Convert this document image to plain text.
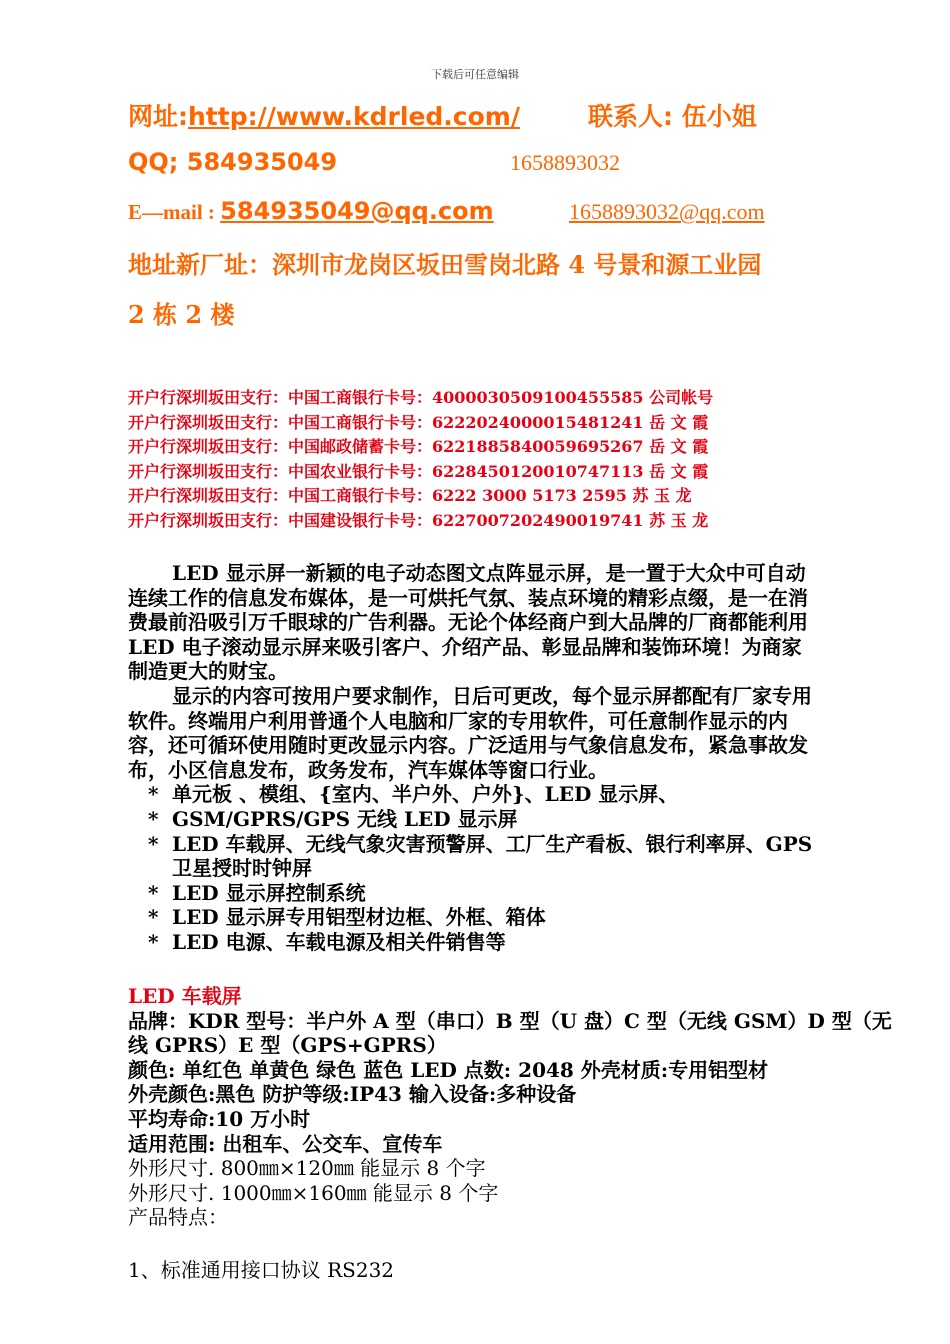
下载后可任意编辑
网址:http://www.kdrled.com/	联系人: 伍小姐
QQ; 584935049	1658893032
E—mail : 584935049@qq.com	1658893032@qq.com
地址新厂址：深圳市龙岗区坂田雪岗北路 4 号景和源工业园
2 栋 2 楼
开户行深圳坂田支行：中国工商银行卡号：4000030509100455585 公司帐号
开户行深圳坂田支行：中国工商银行卡号：6222024000015481241 岳 文 霞
开户行深圳坂田支行：中国邮政储蓄卡号：6221885840059695267 岳 文 霞
开户行深圳坂田支行：中国农业银行卡号：6228450120010747113 岳 文 霞
开户行深圳坂田支行：中国工商银行卡号：6222 3000 5173 2595 苏 玉 龙
开户行深圳坂田支行：中国建设银行卡号：6227007202490019741 苏 玉 龙

LED 显示屏一新颖的电子动态图文点阵显示屏，是一置于大众中可自动连续工作的信息发布媒体，是一可烘托气氛、装点环境的精彩点缀，是一在消费最前沿吸引万千眼球的广告利器。无论个体经商户到大品牌的厂商都能利用 LED 电子滚动显示屏来吸引客户、介绍产品、彰显品牌和装饰环境！为商家制造更大的财宝。

显示的内容可按用户要求制作，日后可更改，每个显示屏都配有厂家专用软件。终端用户利用普通个人电脑和厂家的专用软件，可任意制作显示的内容，还可循环使用随时更改显示内容。广泛适用与气象信息发布，紧急事故发布，小区信息发布，政务发布，汽车媒体等窗口行业。

* 单元板 、模组、{室内、半户外、户外}、LED 显示屏、
* GSM/GPRS/GPS 无线 LED 显示屏
* LED 车载屏、无线气象灾害预警屏、工厂生产看板、银行利率屏、GPS 卫星授时时钟屏
* LED 显示屏控制系统
* LED 显示屏专用铝型材边框、外框、箱体
* LED 电源、车载电源及相关件销售等
LED 车载屏
品牌：KDR 型号：半户外 A 型（串口）B 型（U 盘）C 型（无线 GSM）D 型（无线 GPRS）E 型（GPS+GPRS）
颜色: 单红色 单黄色 绿色 蓝色 LED 点数: 2048 外壳材质:专用铝型材
外壳颜色:黑色 防护等级:IP43 输入设备:多种设备
平均寿命:10 万小时
适用范围: 出租车、公交车、宣传车
外形尺寸. 800㎜×120㎜ 能显示 8 个字
外形尺寸. 1000㎜×160㎜ 能显示 8 个字
产品特点：
1、标准通用接口协议 RS232
